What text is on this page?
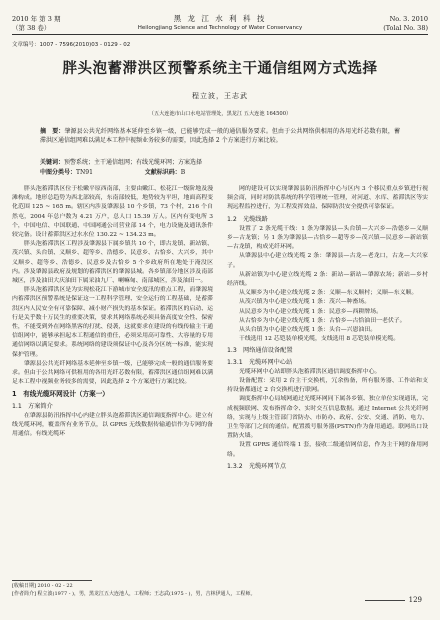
2010 年 第 3 期	黑 龙 江 水 利 科 技	No. 3. 2010
（第 38 卷）	Heilongjiang Science and Technology of Water Conservancy	(Tolal No. 38)
文章编号：1007 - 7596(2010)03 - 0129 - 02
胖头泡蓄滞洪区预警系统主干通信组网方式选择
程立波，王志武
（五大连池市山口水电站管理处，黑龙江 五大连池 164500）
摘　要：肇源县公共光纤网络基本延伸至乡镇一级，已能够完成一般的通信服务要求。但由于公共网络供相用的各用光纤芯数有限，蓄滞洪区通信组网难以满足本工程中视频业务较多的需要，因此选择 2 个方案进行方案比较。
关键词：预警系统；主干通信组网；有线光缆环网；方案选择
中图分类号：TN91	文献标识码：B

胖头泡蓄滞洪区位于松嫩平原西南部，主要由嫩江、松花江一级阶地及漫滩构成。地形总趋势为西北部较高，东南部较低，地势较为平坦，地面高程变化范围 125 ~ 165 m。辖区内涉及肇源县 10 个乡镇，73 个村，216 个自然屯，2004 年总户数为 4.21 万户，总人口 15.39 万人。区内有变电所 3 个，中国电信、中国联通、中国网通公司营业部 14 个，电力设施及通讯条件较完备。设计蓄滞洪区过水水位 130.22 ~ 134.23 m。

胖头泡蓄滞洪区工程涉及肇源县下属乡镇共 10 个，即古龙镇、新站镇、茂兴镇、头台镇、义顺乡、超等乡、浩德乡、民意乡、古恰乡、大兴乡，其中义顺乡、超等乡、浩德乡、民意乡及古恰乡 5 个乡政府所在地处于淹没区内。涉及肇源县政府及规划的蓄滞洪区的肇源县城。各乡镇部分地区涉及南部城区，涉及油田大庆油田下属采油九厂、喇嘛甸、南部城区，涉及油田一。

胖头泡蓄滞洪区是为实现松花江下游城市安全度汛的重点工程，而肇源境内蓄滞洪区预警系统是保证这一工程科学管理、安全运行的工程基础，是蓄滞洪区内人民安全有可靠保障、减小财产损失的基本保证。蓄滞洪区的启动、运行是关乎数十万民生的重要决策，要求其网络系统必须具备高度安全性、保密性，不能受到外在网络黑客的打扰、侵袭，这就要求在建设的有线传输主干通信组网中，能够承担起本工程通信的重任，必须采用高可靠性、大容量的专用通信网络以满足要求。系统网络的建设须保证中心及各分区统一标准，能实现保护管理。

肇源县公共光纤网络基本延伸至乡镇一级，已能够完成一般的通信服务要求。但由于公共网络可供租用的各用光纤芯数有限，蓄滞洪区通信组网难以满足本工程中视频业务较多的需要，因此选择 2 个方案进行方案比较。

1　有线光缆环网设计（方案一）
1.1　方案简介

在肇源县防汛指挥中心内建立胖头泡蓄滞洪区通信调度指挥中心。建立有线光缆环网，覆盖所有业务节点，以 GPRS 无线数据传输通信作为专网的备用通信。有线光缆环

网的建设可以实现肇源县防汛指挥中心与区内 3 个移民重点乡镇进行视频会商，同时对防洪系统的科学管理统一管理，对河道、水库、蓄滞洪区等实现远程监控进行，为工程发挥效益、保障防洪安全提供可靠保证。

1.2　光缆线路

设置了 2 条光缆干线：1 条为肇源县—头台镇—大兴乡—浩德乡—义顺乡—古龙镇；另 1 条为肇源县—古恰乡—超等乡—茂兴镇—民意乡—新站镇—古龙镇，构成光纤环网。

从肇源县中心建立线光缆 2 条：肇源县—古龙—老龙口，古龙—大兴家子。

从新站镇为中心建立线光缆 2 条：新站—新站—肇源农场；新站—乡村经济线。

从义顺乡为中心建立线光缆 2 条：义顺—东义顺村；义顺—东义顺。

从茂兴镇为中心建立线光缆 1 条：茂兴—种畜场。

从民意乡为中心建立线光缆 1 条：民意乡—西耕牌场。

从古恰乡为中心建立线光缆 1 条：古恰乡—古恰油田一老伏子。

从头台镇为中心建立线光缆 1 条：头台—兴恩油田。

干线选用 12 芯铠装单模光缆，支线选用 8 芯铠装单模光缆。

1.3　网络通信设备配置
1.3.1　光缆环网中心站

光缆环网中心站即胖头泡蓄滞洪区通信调度指挥中心。

设备配置：采用 2 台主干交换机，冗余热备，所有服务器、工作站和支持设备都通过 2 台交换机进行联网。

调度指挥中心局域网通过光缆环网同下属各乡镇、独立单位实现通讯，完成视频联网、发布指挥命令、实时交互信息数据。通过 Internet 公共光纤网络，实现与上级主管部门省防办、市防办、政府、公安、交通、消防、电力、卫生等部门之间的通信。配置拨号服务器(PSTN)作为备用通道。联网出口设置防火墙。

设置 GPRS 通信终端 1 套，接收二级通信网信息，作为主干网的备用网络。

1.3.2　光缆环网节点
[收稿日期] 2010 - 02 - 22
[作者简介] 程立波(1977 - )，男，黑龙江五大连池人，工程师；王志武(1975 - )，男，吉林伊通人，工程师。
129
